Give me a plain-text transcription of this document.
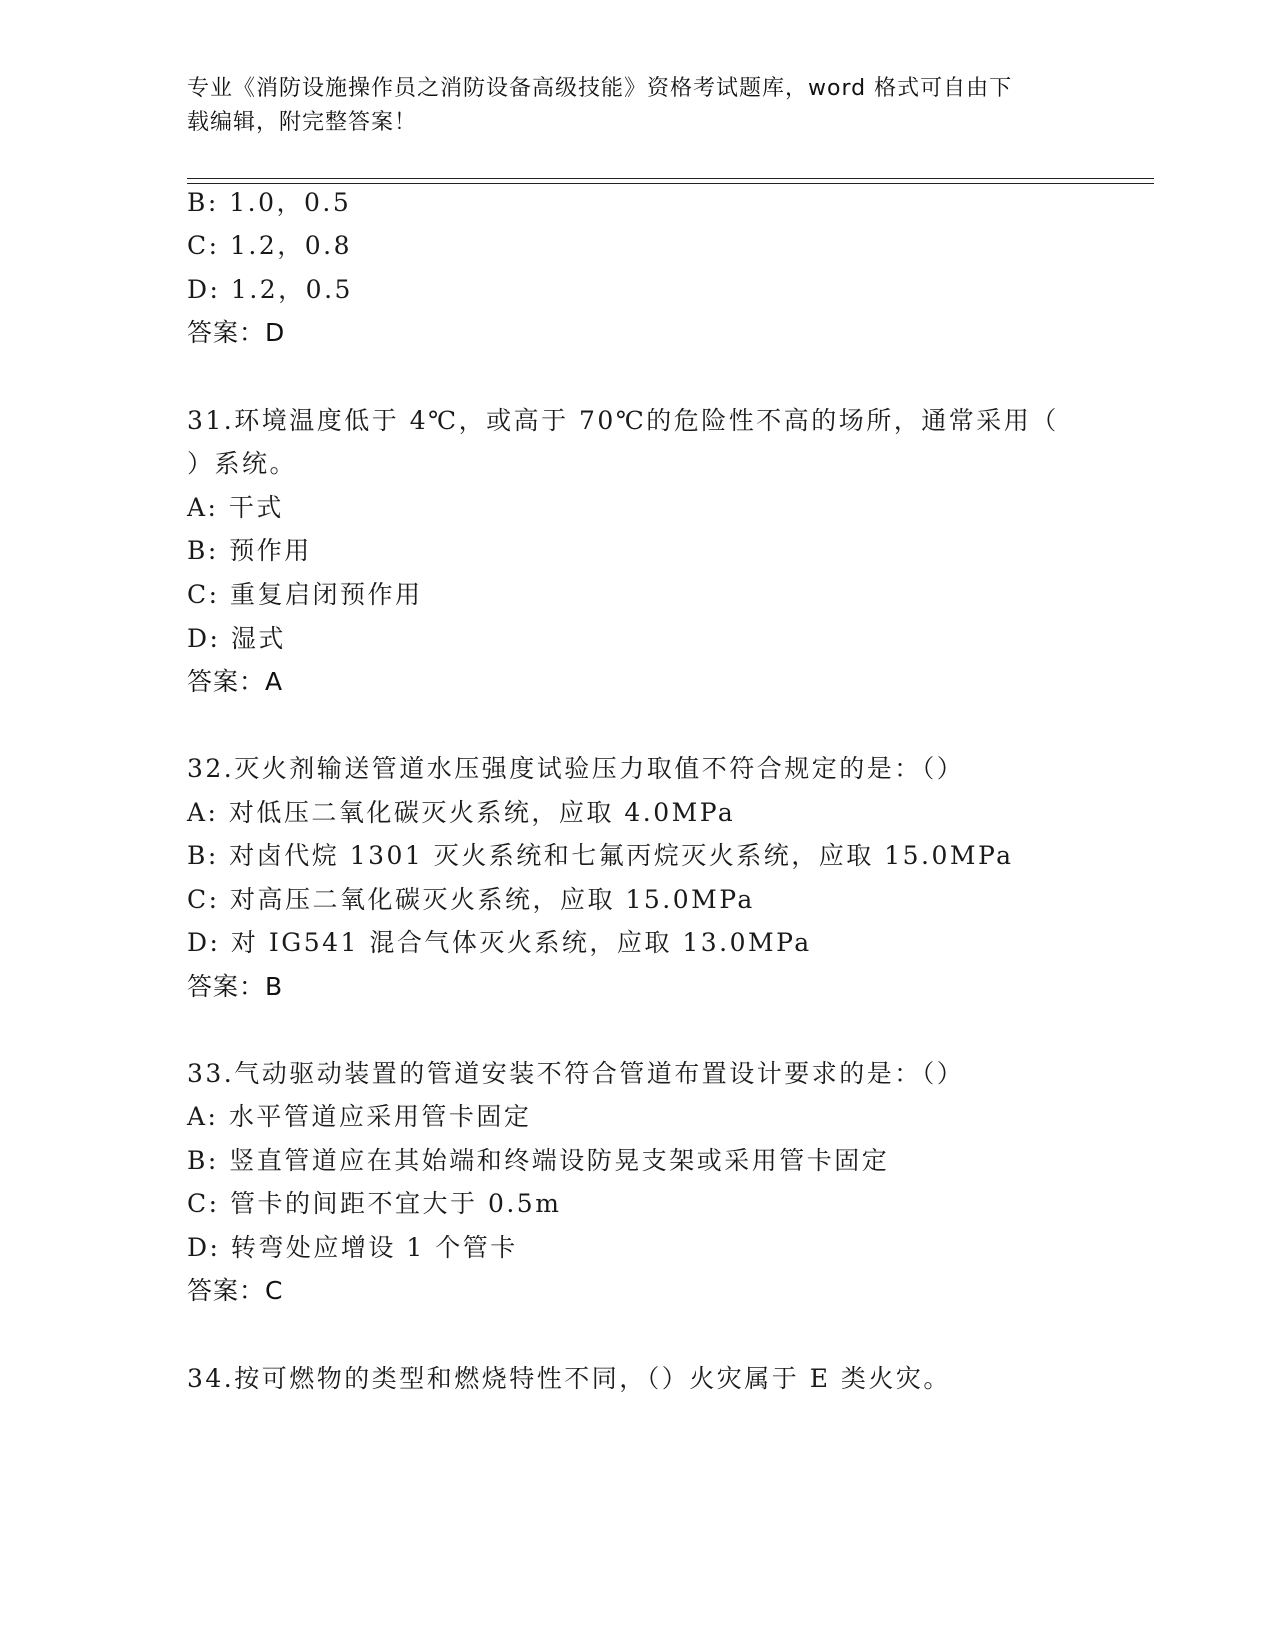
专业《消防设施操作员之消防设备高级技能》资格考试题库，word 格式可自由下
载编辑，附完整答案！
B: 1.0，0.5
C: 1.2，0.8
D: 1.2，0.5
答案：D
31.环境温度低于 4℃，或高于 70℃的危险性不高的场所，通常采用（
）系统。
A: 干式
B: 预作用
C: 重复启闭预作用
D: 湿式
答案：A
32.灭火剂输送管道水压强度试验压力取值不符合规定的是：（）
A: 对低压二氧化碳灭火系统，应取 4.0MPa
B: 对卤代烷 1301 灭火系统和七氟丙烷灭火系统，应取 15.0MPa
C: 对高压二氧化碳灭火系统，应取 15.0MPa
D: 对 IG541 混合气体灭火系统，应取 13.0MPa
答案：B
33.气动驱动装置的管道安装不符合管道布置设计要求的是：（）
A: 水平管道应采用管卡固定
B: 竖直管道应在其始端和终端设防晃支架或采用管卡固定
C: 管卡的间距不宜大于 0.5m
D: 转弯处应增设 1 个管卡
答案：C
34.按可燃物的类型和燃烧特性不同，（）火灾属于 E 类火灾。
